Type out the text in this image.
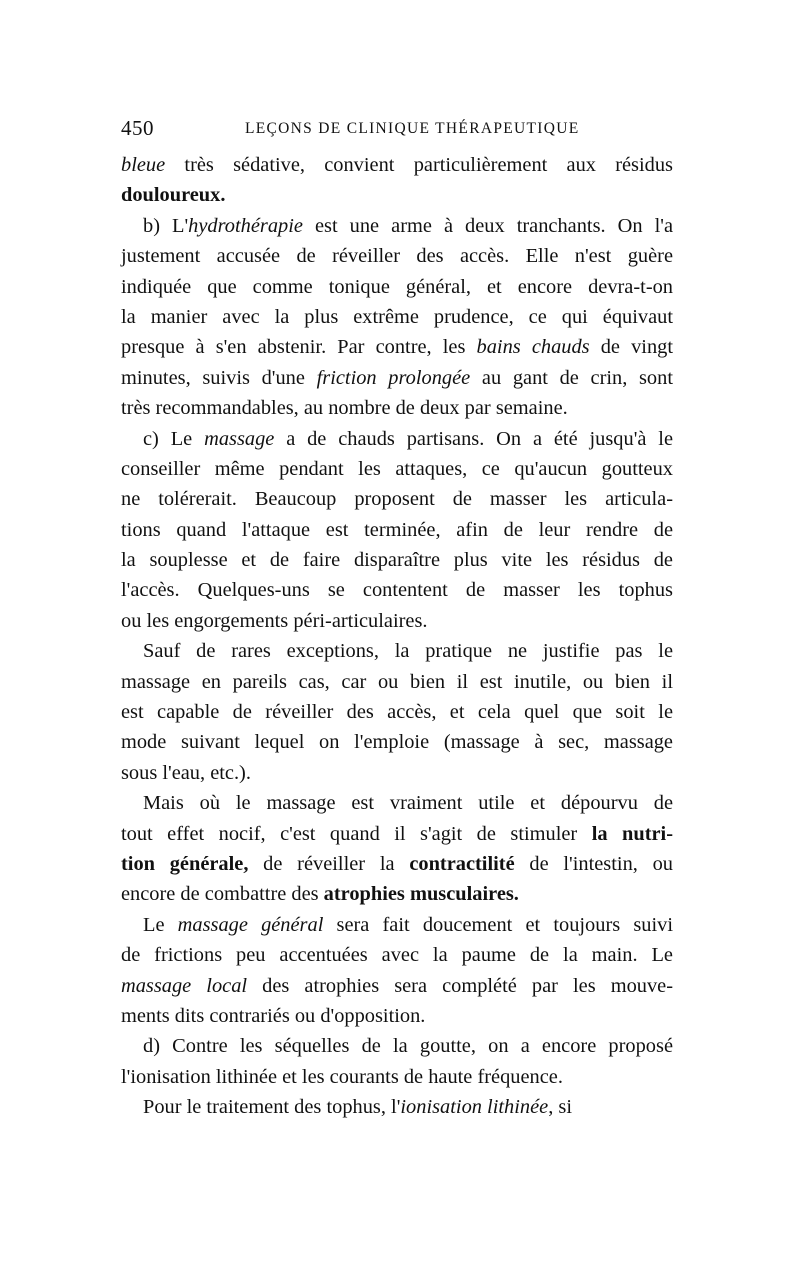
450	LEÇONS DE CLINIQUE THÉRAPEUTIQUE
bleue très sédative, convient particulièrement aux résidus
douloureux.
b) L'hydrothérapie est une arme à deux tranchants. On l'a
justement accusée de réveiller des accès. Elle n'est guère
indiquée que comme tonique général, et encore devra-t-on
la manier avec la plus extrême prudence, ce qui équivaut
presque à s'en abstenir. Par contre, les bains chauds de vingt
minutes, suivis d'une friction prolongée au gant de crin, sont
très recommandables, au nombre de deux par semaine.
c) Le massage a de chauds partisans. On a été jusqu'à le
conseiller même pendant les attaques, ce qu'aucun goutteux
ne tolérerait. Beaucoup proposent de masser les articula-
tions quand l'attaque est terminée, afin de leur rendre de
la souplesse et de faire disparaître plus vite les résidus de
l'accès. Quelques-uns se contentent de masser les tophus
ou les engorgements péri-articulaires.
Sauf de rares exceptions, la pratique ne justifie pas le
massage en pareils cas, car ou bien il est inutile, ou bien il
est capable de réveiller des accès, et cela quel que soit le
mode suivant lequel on l'emploie (massage à sec, massage
sous l'eau, etc.).
Mais où le massage est vraiment utile et dépourvu de
tout effet nocif, c'est quand il s'agit de stimuler la nutri-
tion générale, de réveiller la contractilité de l'intestin, ou
encore de combattre des atrophies musculaires.
Le massage général sera fait doucement et toujours suivi
de frictions peu accentuées avec la paume de la main. Le
massage local des atrophies sera complété par les mouve-
ments dits contrariés ou d'opposition.
d) Contre les séquelles de la goutte, on a encore proposé
l'ionisation lithinée et les courants de haute fréquence.
Pour le traitement des tophus, l'ionisation lithinée, si
